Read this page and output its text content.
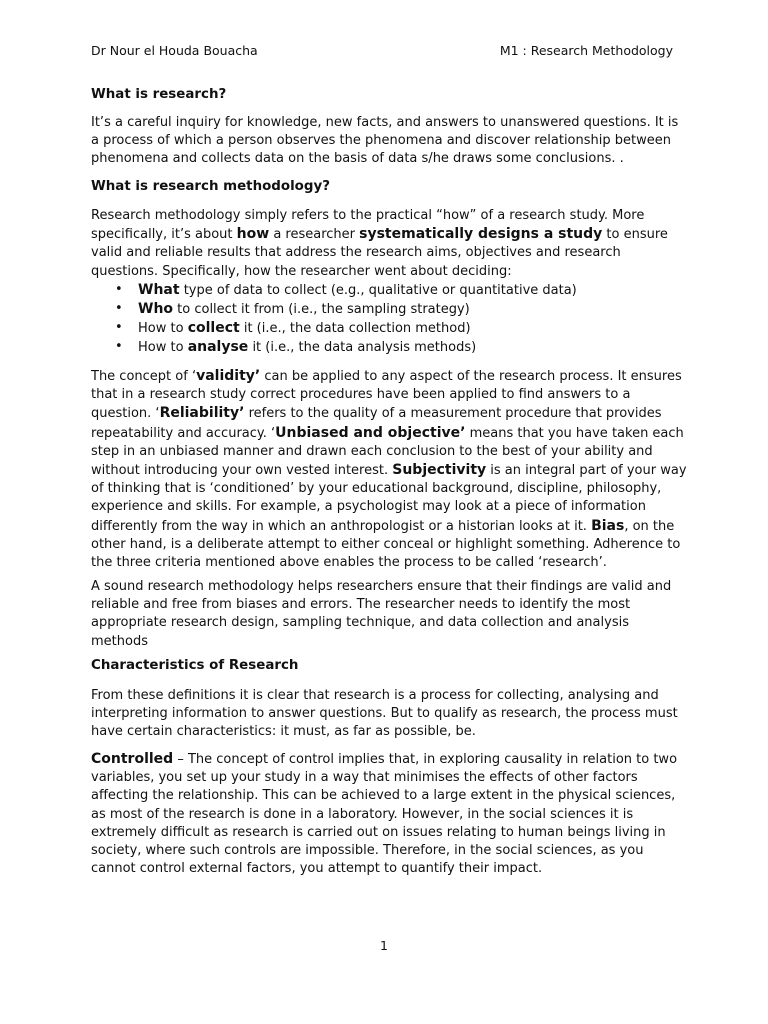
Dr Nour el Houda Bouacha	M1 : Research Methodology
What is research?

It’s a careful inquiry for knowledge, new facts, and answers to unanswered questions. It is a process of which a person observes the phenomena and discover relationship between phenomena and collects data on the basis of data s/he draws some conclusions. .

What is research methodology?

Research methodology simply refers to the practical “how” of a research study. More specifically, it’s about how a researcher systematically designs a study to ensure valid and reliable results that address the research aims, objectives and research questions. Specifically, how the researcher went about deciding:

• What type of data to collect (e.g., qualitative or quantitative data)
• Who to collect it from (i.e., the sampling strategy)
• How to collect it (i.e., the data collection method)
• How to analyse it (i.e., the data analysis methods)

The concept of ‘validity’ can be applied to any aspect of the research process. It ensures that in a research study correct procedures have been applied to find answers to a question. ‘Reliability’ refers to the quality of a measurement procedure that provides repeatability and accuracy. ‘Unbiased and objective’ means that you have taken each step in an unbiased manner and drawn each conclusion to the best of your ability and without introducing your own vested interest. Subjectivity is an integral part of your way of thinking that is ‘conditioned’ by your educational background, discipline, philosophy, experience and skills. For example, a psychologist may look at a piece of information differently from the way in which an anthropologist or a historian looks at it. Bias, on the other hand, is a deliberate attempt to either conceal or highlight something. Adherence to the three criteria mentioned above enables the process to be called ‘research’.

A sound research methodology helps researchers ensure that their findings are valid and reliable and free from biases and errors. The researcher needs to identify the most appropriate research design, sampling technique, and data collection and analysis methods

Characteristics of Research

From these definitions it is clear that research is a process for collecting, analysing and interpreting information to answer questions. But to qualify as research, the process must have certain characteristics: it must, as far as possible, be.

Controlled – The concept of control implies that, in exploring causality in relation to two variables, you set up your study in a way that minimises the effects of other factors affecting the relationship. This can be achieved to a large extent in the physical sciences, as most of the research is done in a laboratory. However, in the social sciences it is extremely difficult as research is carried out on issues relating to human beings living in society, where such controls are impossible. Therefore, in the social sciences, as you cannot control external factors, you attempt to quantify their impact.

1
